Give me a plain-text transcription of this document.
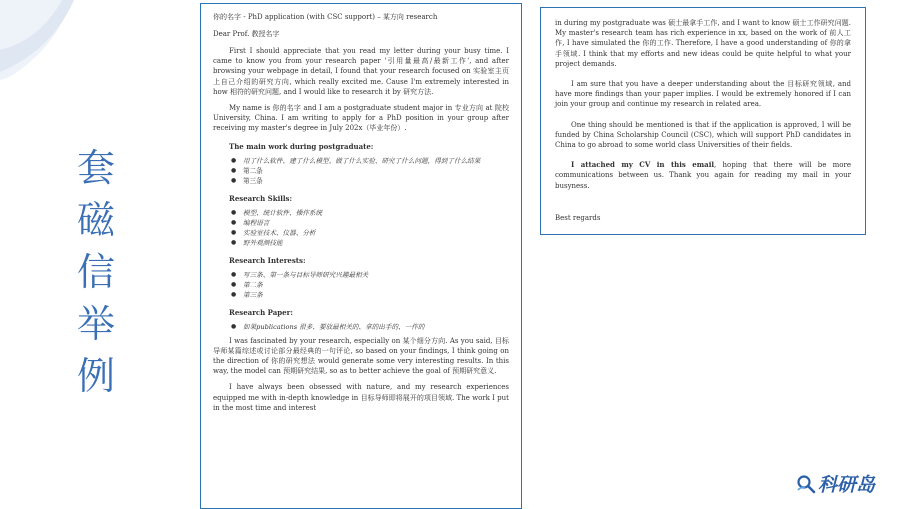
套
磁
信
举
例

你的名字 - PhD application (with CSC support) – 某方向 research

Dear Prof. 教授名字

First I should appreciate that you read my letter during your busy time. I came to know you from your research paper '引用量最高/最新工作', and after browsing your webpage in detail, I found that your research focused on 实验室主页上自己介绍的研究方向, which really excited me. Cause I'm extremely interested in how 相符的研究问题, and I would like to research it by 研究方法.

My name is 你的名字 and I am a postgraduate student major in 专业方向 at 院校 University, China. I am writing to apply for a PhD position in your group after receiving my master's degree in July 202x（毕业年份）.

The main work during postgraduate:
● 用了什么软件、建了什么模型、做了什么实验、研究了什么问题，得到了什么结果
● 第二条
● 第三条
Research Skills:
● 模型、统计软件、操作系统
● 编程语言
● 实验室技术、仪器、分析
● 野外观测技能
Research Interests:
● 写三条、第一条与目标导师研究兴趣最相关
● 第二条
● 第三条
Research Paper:
● 如果publications 很多、要放最相关的、拿的出手的、一作的

I was fascinated by your research, especially on 某个细分方向. As you said, 目标导师某篇综述或讨论部分最经典的一句评论, so based on your findings, I think going on the direction of 你的研究想法 would generate some very interesting results. In this way, the model can 预期研究结果, so as to better achieve the goal of 预期研究意义.

I have always been obsessed with nature, and my research experiences equipped me with in-depth knowledge in 目标导师即将展开的项目领域. The work I put in the most time and interest

in during my postgraduate was 硕士最拿手工作, and I want to know 硕士工作研究问题. My master's research team has rich experience in xx, based on the work of 前人工作, I have simulated the 你的工作. Therefore, I have a good understanding of 你的拿手领域. I think that my efforts and new ideas could be quite helpful to what your project demands.

I am sure that you have a deeper understanding about the 目标研究领域, and have more findings than your paper implies. I would be extremely honored if I can join your group and continue my research in related area.

One thing should be mentioned is that if the application is approved, I will be funded by China Scholarship Council (CSC), which will support PhD candidates in China to go abroad to some world class Universities of their fields.

I attached my CV in this email, hoping that there will be more communications between us. Thank you again for reading my mail in your busyness.

Best regards

科研岛
